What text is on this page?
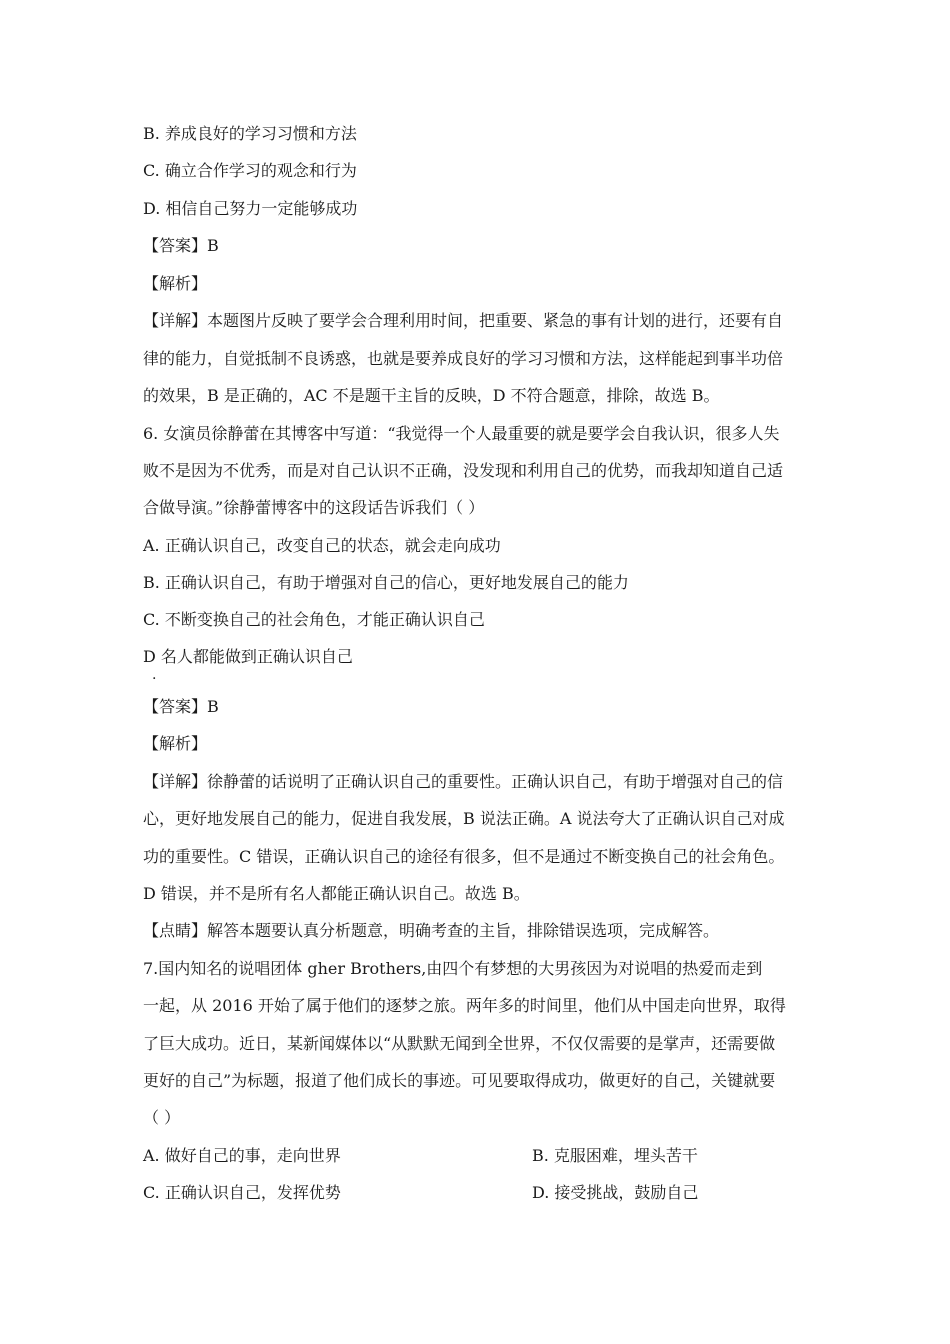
B. 养成良好的学习习惯和方法
C. 确立合作学习的观念和行为
D. 相信自己努力一定能够成功
【答案】B
【解析】
【详解】本题图片反映了要学会合理利用时间，把重要、紧急的事有计划的进行，还要有自
律的能力，自觉抵制不良诱惑，也就是要养成良好的学习习惯和方法，这样能起到事半功倍
的效果，B 是正确的，AC 不是题干主旨的反映，D 不符合题意，排除，故选 B。
6. 女演员徐静蕾在其博客中写道：“我觉得一个人最重要的就是要学会自我认识，很多人失
败不是因为不优秀，而是对自己认识不正确，没发现和利用自己的优势，而我却知道自己适
合做导演。”徐静蕾博客中的这段话告诉我们（ ）
A. 正确认识自己，改变自己的状态，就会走向成功
B. 正确认识自己，有助于增强对自己的信心，更好地发展自己的能力
C. 不断变换自己的社会角色，才能正确认识自己
D 名人都能做到正确认识自己
.
【答案】B
【解析】
【详解】徐静蕾的话说明了正确认识自己的重要性。正确认识自己，有助于增强对自己的信
心，更好地发展自己的能力，促进自我发展，B 说法正确。A 说法夸大了正确认识自己对成
功的重要性。C 错误，正确认识自己的途径有很多，但不是通过不断变换自己的社会角色。
D 错误，并不是所有名人都能正确认识自己。故选 B。
【点睛】解答本题要认真分析题意，明确考查的主旨，排除错误选项，完成解答。
7.国内知名的说唱团体 gher Brothers,由四个有梦想的大男孩因为对说唱的热爱而走到
一起，从 2016 开始了属于他们的逐梦之旅。两年多的时间里，他们从中国走向世界，取得
了巨大成功。近日，某新闻媒体以“从默默无闻到全世界，不仅仅需要的是掌声，还需要做
更好的自己”为标题，报道了他们成长的事迹。可见要取得成功，做更好的自己，关键就要
（ ）
A. 做好自己的事，走向世界	B. 克服困难，埋头苦干
C. 正确认识自己，发挥优势	D. 接受挑战，鼓励自己
